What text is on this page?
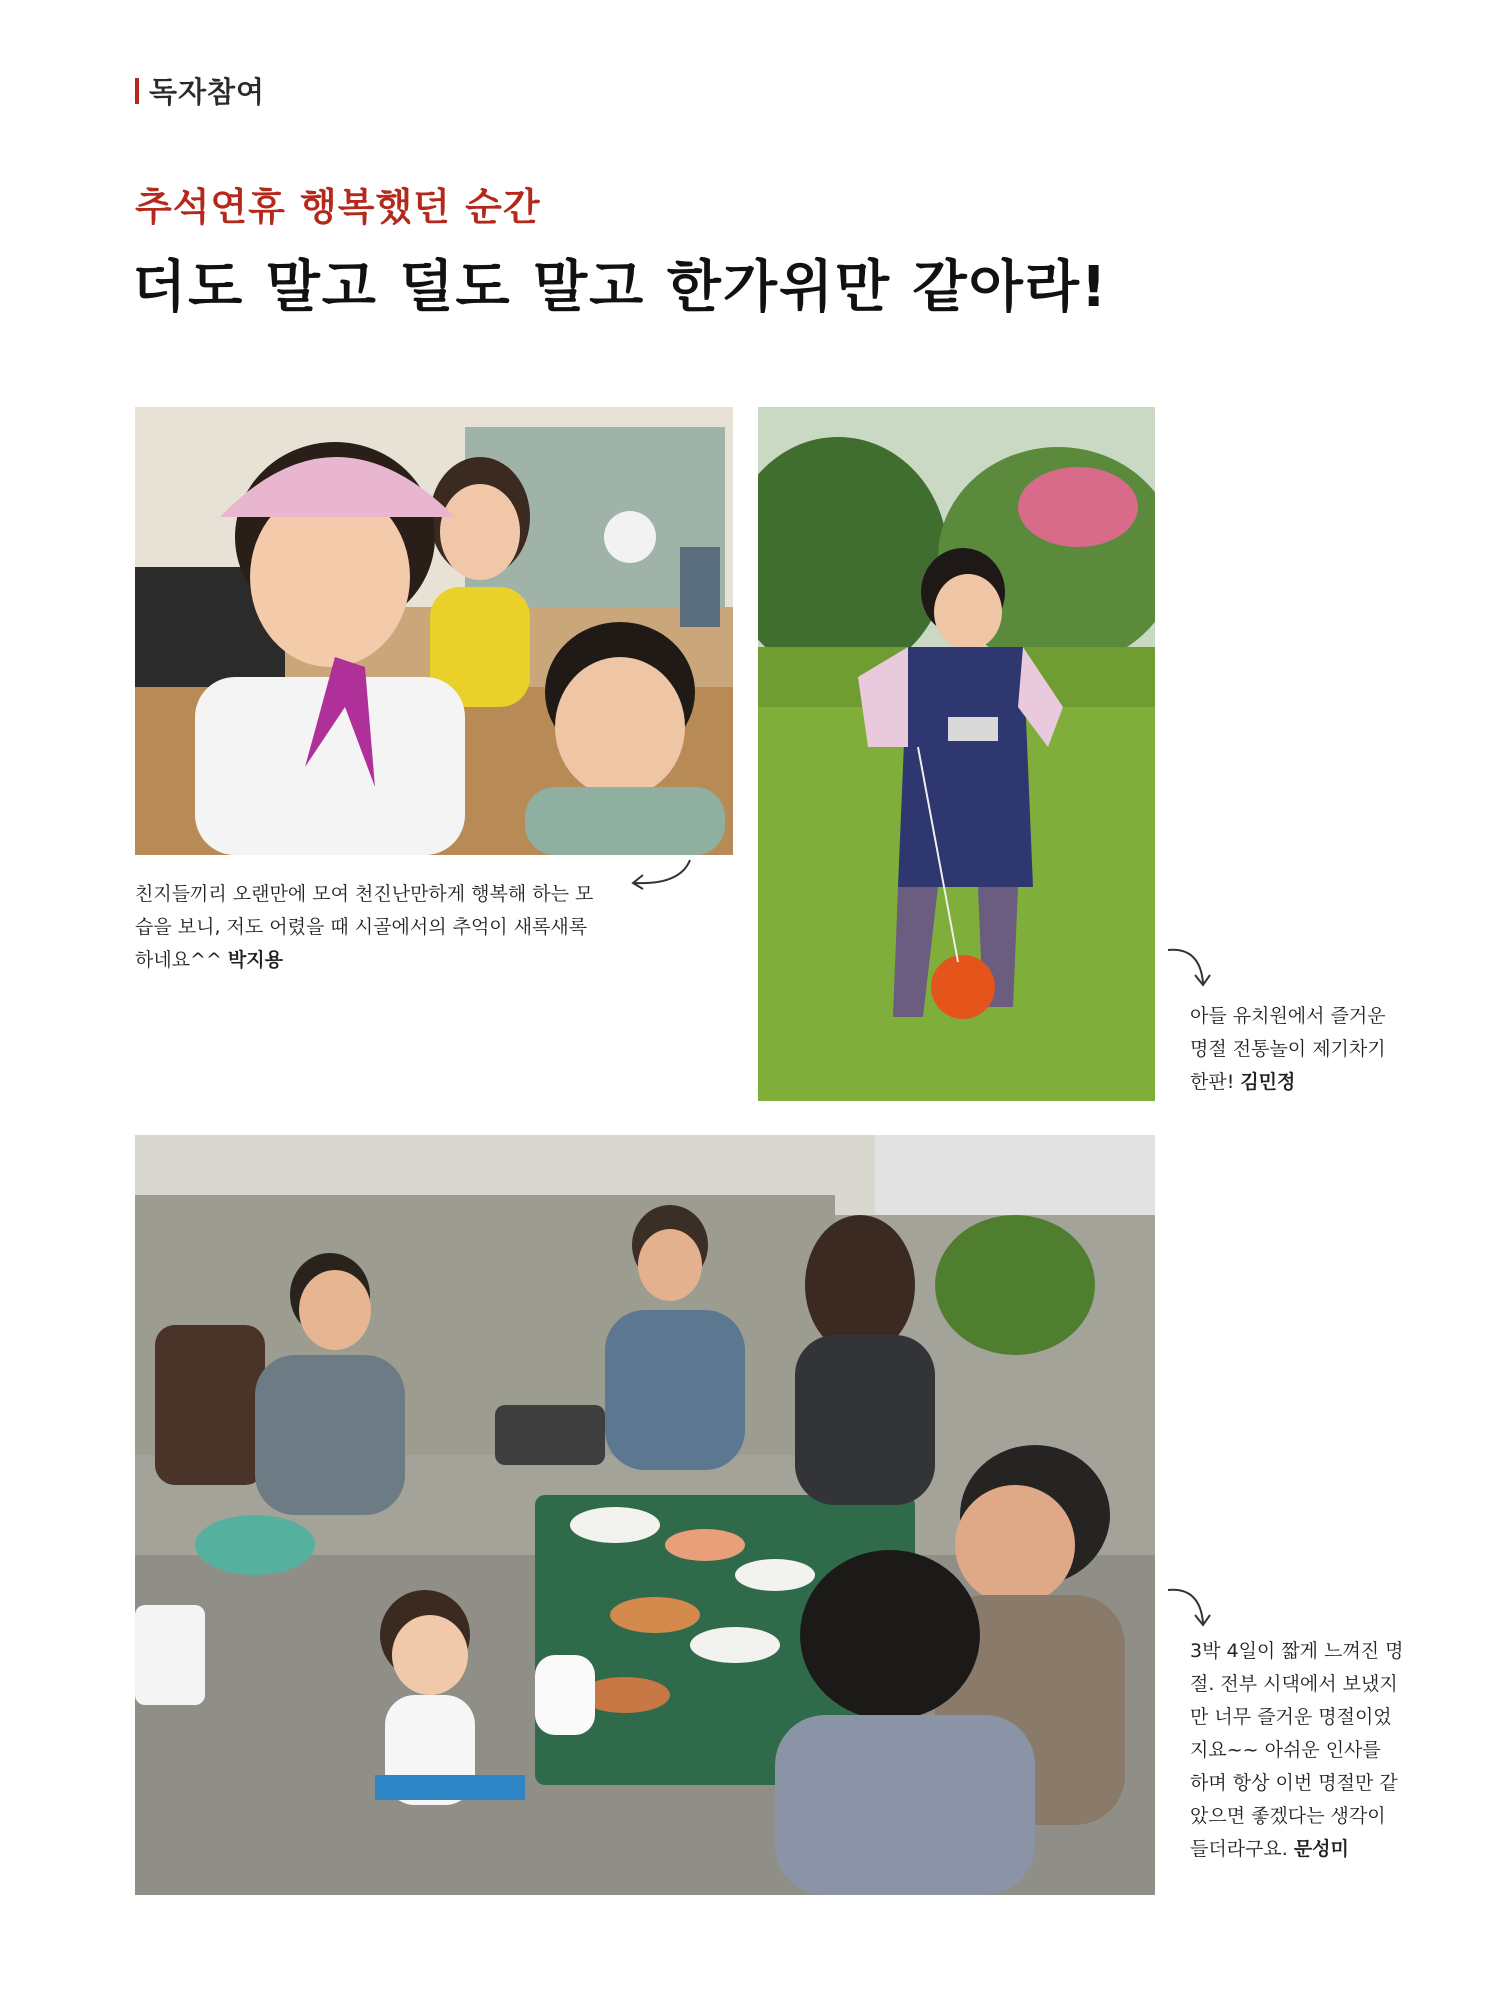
독자참여
추석연휴 행복했던 순간
더도 말고 덜도 말고 한가위만 같아라!
친지들끼리 오랜만에 모여 천진난만하게 행복해 하는 모습을 보니, 저도 어렸을 때 시골에서의 추억이 새록새록하네요^^ 박지용
아들 유치원에서 즐거운 명절 전통놀이 제기차기 한판! 김민정
3박 4일이 짧게 느껴진 명절. 전부 시댁에서 보냈지만 너무 즐거운 명절이었지요~~ 아쉬운 인사를 하며 항상 이번 명절만 같았으면 좋겠다는 생각이 들더라구요. 문성미
